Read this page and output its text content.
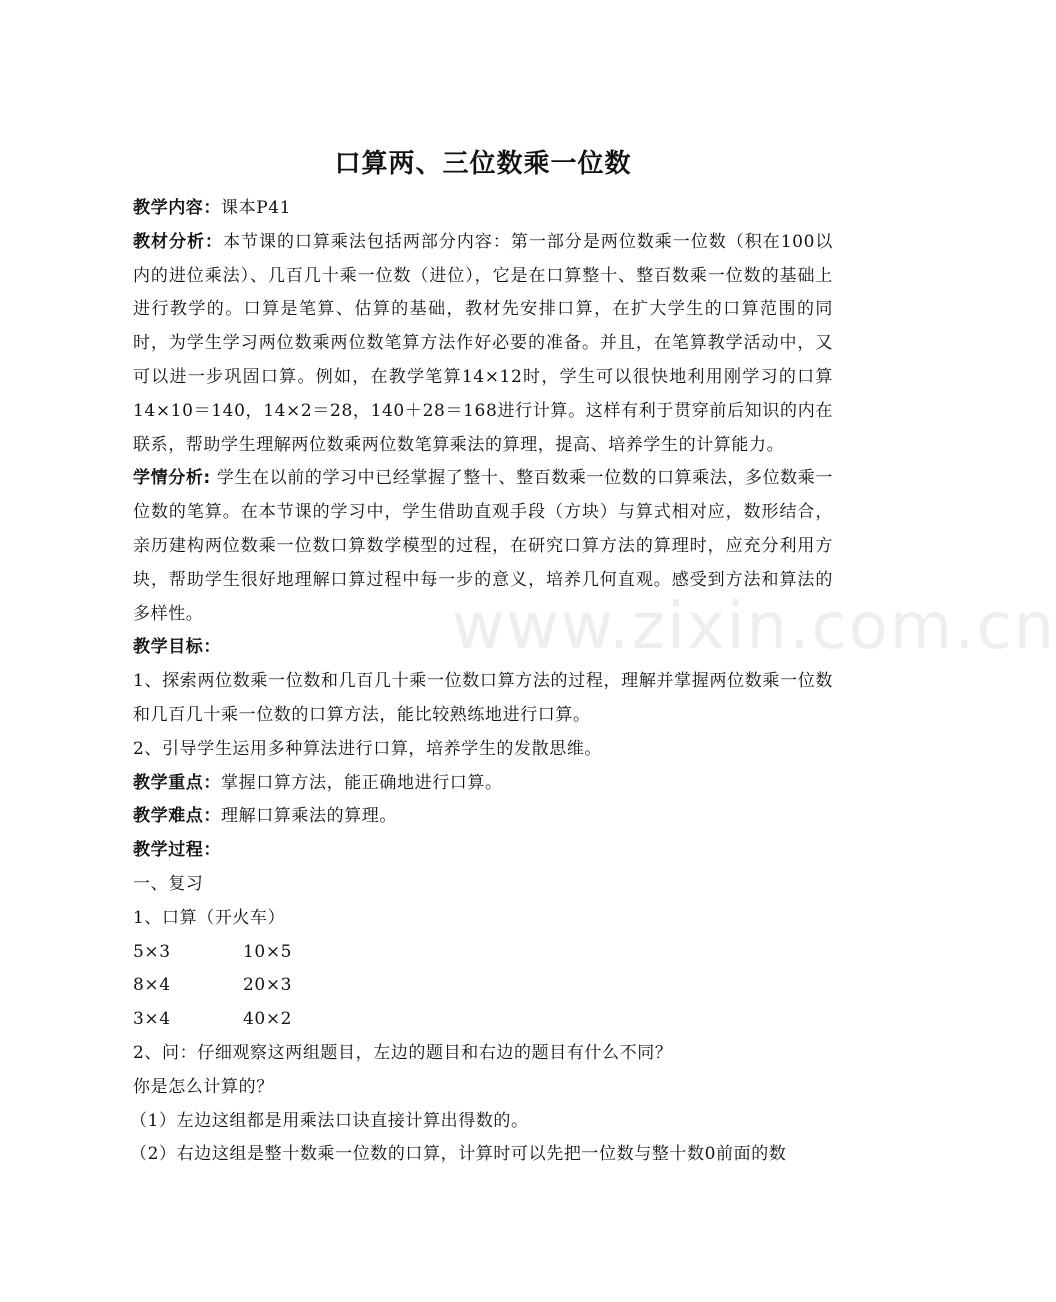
口算两、三位数乘一位数

教学内容：课本P41

教材分析：本节课的口算乘法包括两部分内容：第一部分是两位数乘一位数（积在100以内的进位乘法）、几百几十乘一位数（进位），它是在口算整十、整百数乘一位数的基础上进行教学的。口算是笔算、估算的基础，教材先安排口算，在扩大学生的口算范围的同时，为学生学习两位数乘两位数笔算方法作好必要的准备。并且，在笔算教学活动中，又可以进一步巩固口算。例如，在教学笔算14×12时，学生可以很快地利用刚学习的口算14×10＝140，14×2＝28，140＋28＝168进行计算。这样有利于贯穿前后知识的内在联系，帮助学生理解两位数乘两位数笔算乘法的算理，提高、培养学生的计算能力。

学情分析: 学生在以前的学习中已经掌握了整十、整百数乘一位数的口算乘法，多位数乘一位数的笔算。在本节课的学习中，学生借助直观手段（方块）与算式相对应，数形结合，亲历建构两位数乘一位数口算数学模型的过程，在研究口算方法的算理时，应充分利用方块，帮助学生很好地理解口算过程中每一步的意义，培养几何直观。感受到方法和算法的多样性。

教学目标：

1、探索两位数乘一位数和几百几十乘一位数口算方法的过程，理解并掌握两位数乘一位数和几百几十乘一位数的口算方法，能比较熟练地进行口算。

2、引导学生运用多种算法进行口算，培养学生的发散思维。

教学重点：掌握口算方法，能正确地进行口算。

教学难点：理解口算乘法的算理。

教学过程：

一、复习

1、口算（开火车）

5×3	10×5
8×4	20×3
3×4	40×2

2、问：仔细观察这两组题目，左边的题目和右边的题目有什么不同？

你是怎么计算的？

（1）左边这组都是用乘法口诀直接计算出得数的。

（2）右边这组是整十数乘一位数的口算，计算时可以先把一位数与整十数0前面的数

www.zixin.com.cn
